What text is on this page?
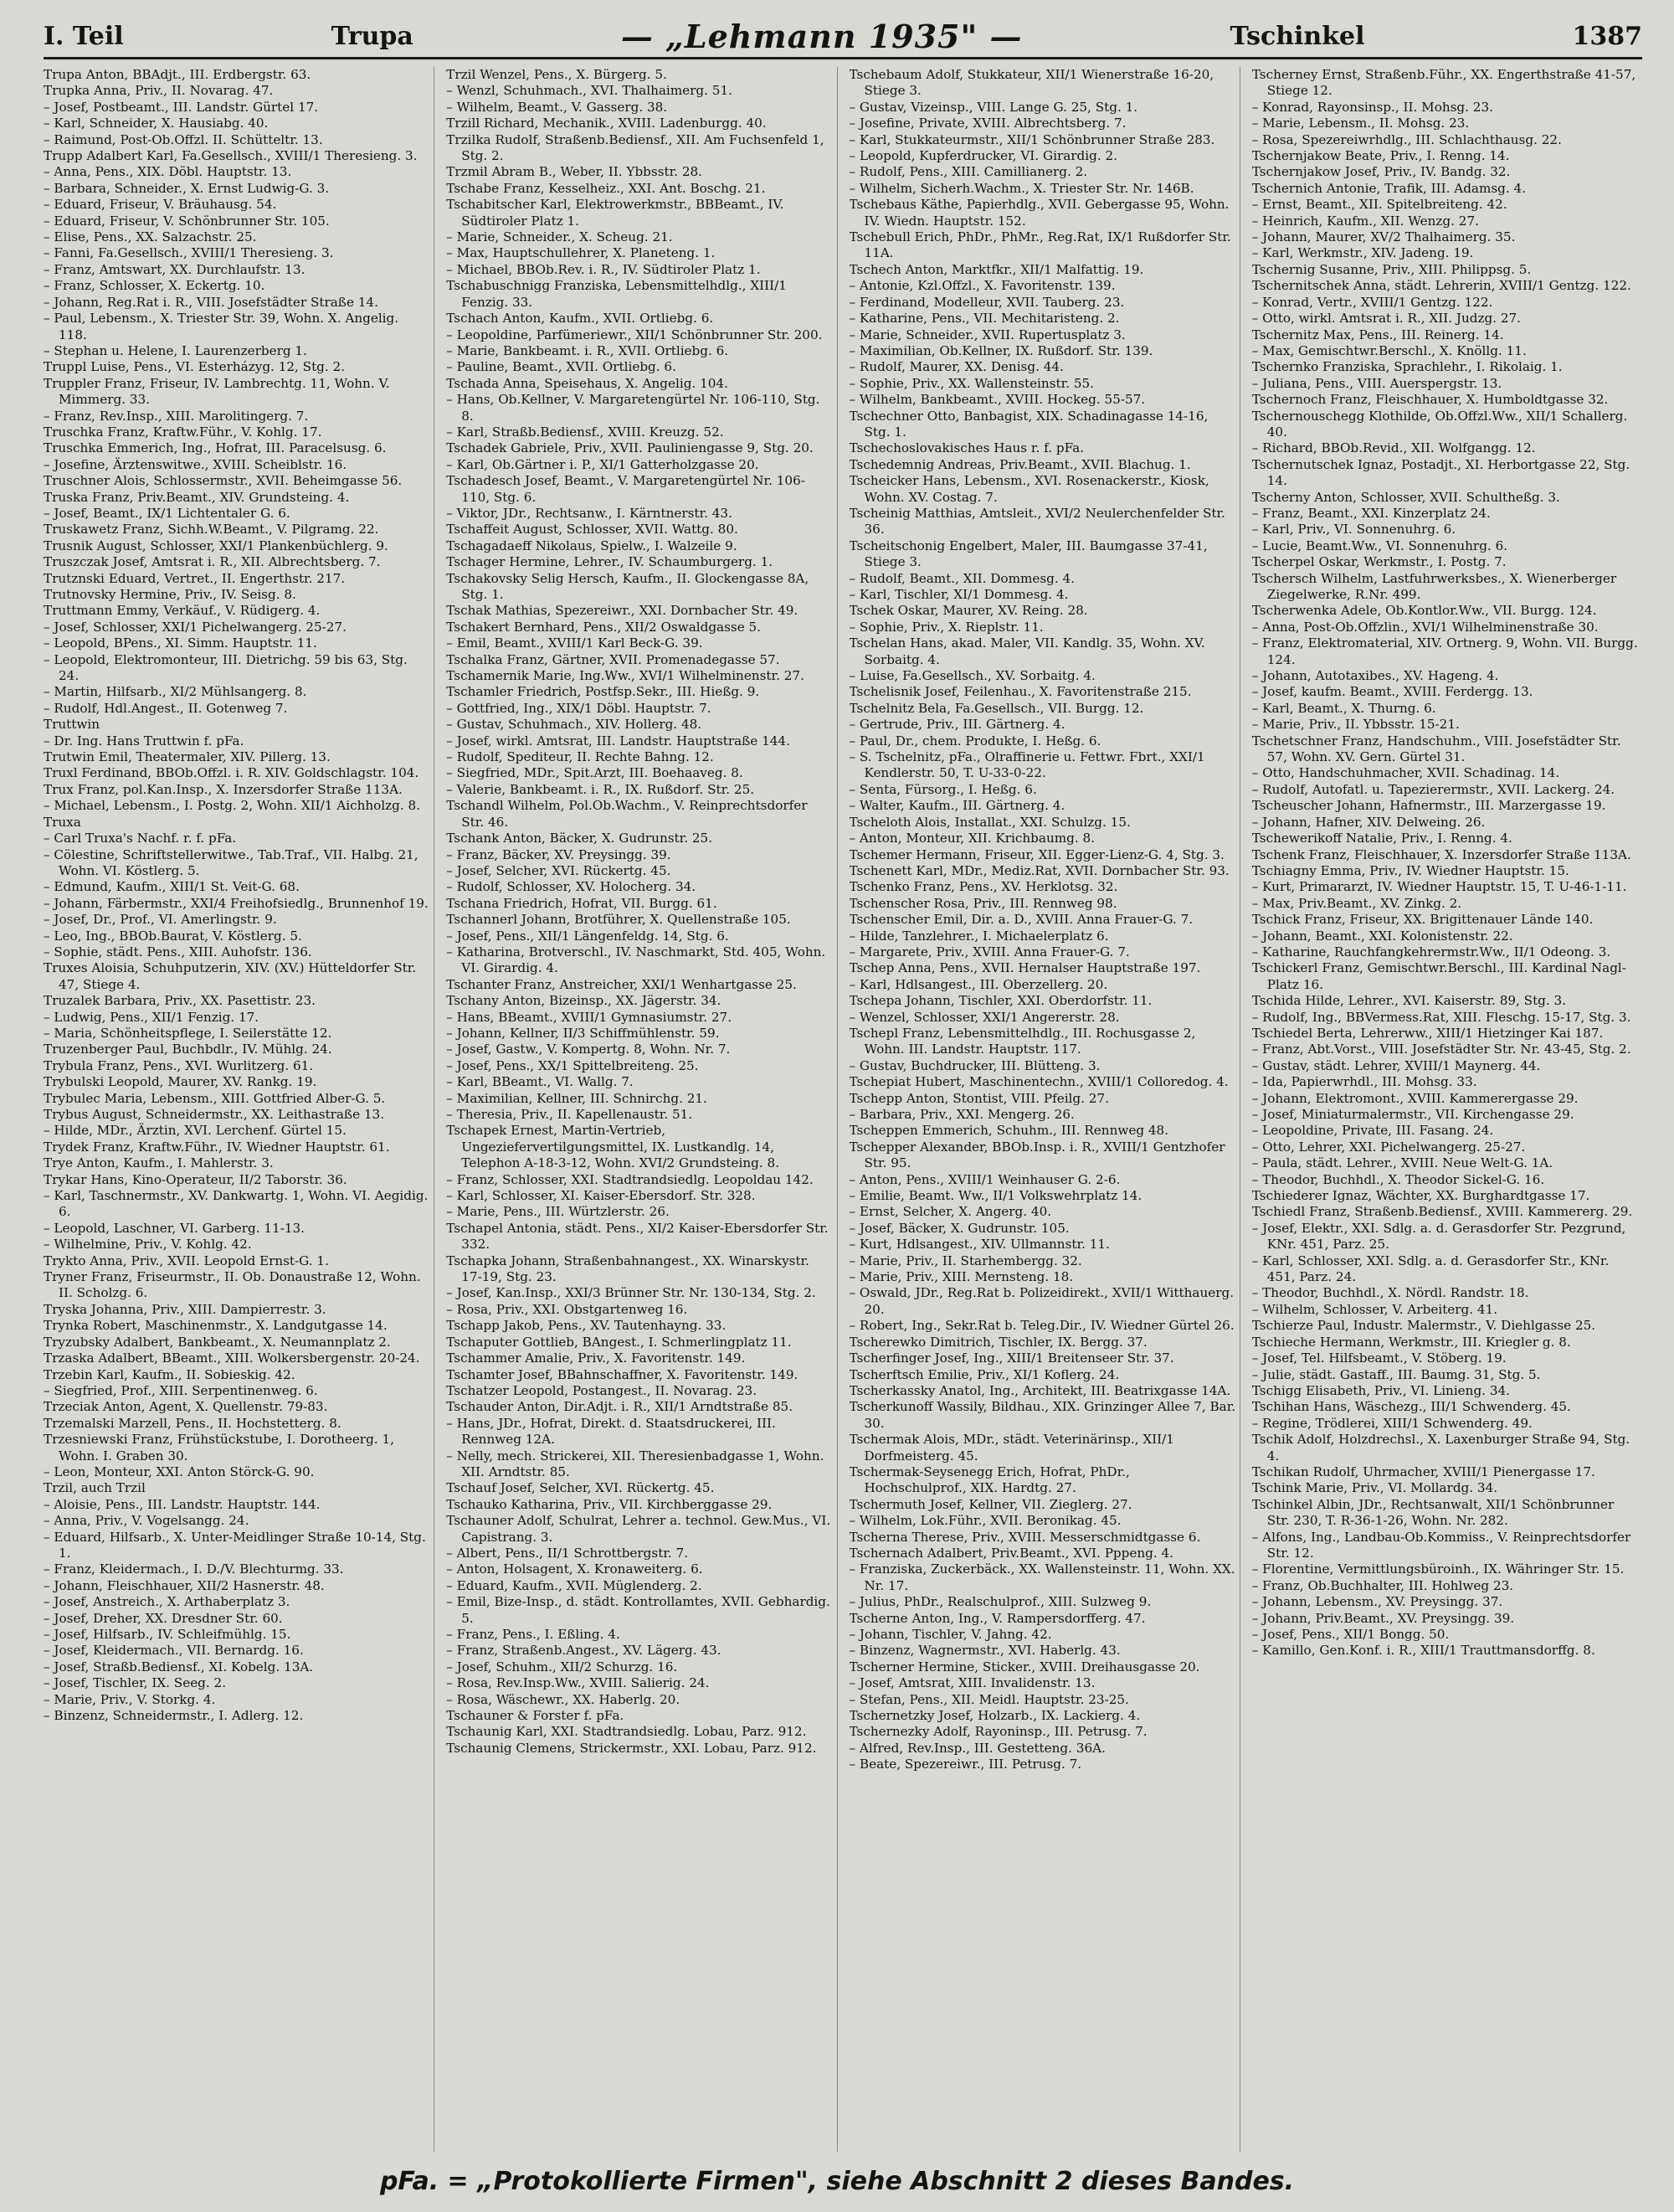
I. Teil	Trupa	— „Lehmann 1935" —	Tschinkel	1387

Trupa Anton, BBAdjt., III. Erdbergstr. 63.

Trupka Anna, Priv., II. Novarag. 47.

– Josef, Postbeamt., III. Landstr. Gürtel 17.

– Karl, Schneider, X. Hausiabg. 40.

– Raimund, Post-Ob.Offzl. II. Schütteltr. 13.

Trupp Adalbert Karl, Fa.Gesellsch., XVIII/1 Theresieng. 3.

– Anna, Pens., XIX. Döbl. Hauptstr. 13.

– Barbara, Schneider., X. Ernst Ludwig-G. 3.

– Eduard, Friseur, V. Bräuhausg. 54.

– Eduard, Friseur, V. Schönbrunner Str. 105.

– Elise, Pens., XX. Salzachstr. 25.

– Fanni, Fa.Gesellsch., XVIII/1 Theresieng. 3.

– Franz, Amtswart, XX. Durchlaufstr. 13.

– Franz, Schlosser, X. Eckertg. 10.

– Johann, Reg.Rat i. R., VIII. Josefstädter Straße 14.

– Paul, Lebensm., X. Triester Str. 39, Wohn. X. Angelig. 118.

– Stephan u. Helene, I. Laurenzerberg 1.

Truppl Luise, Pens., VI. Esterházyg. 12, Stg. 2.

Truppler Franz, Friseur, IV. Lambrechtg. 11, Wohn. V. Mimmerg. 33.

– Franz, Rev.Insp., XIII. Marolitingerg. 7.

Truschka Franz, Kraftw.Führ., V. Kohlg. 17.

Truschka Emmerich, Ing., Hofrat, III. Paracelsusg. 6.

– Josefine, Ärztenswitwe., XVIII. Scheiblstr. 16.

Truschner Alois, Schlossermstr., XVII. Beheimgasse 56.

Truska Franz, Priv.Beamt., XIV. Grundsteing. 4.

– Josef, Beamt., IX/1 Lichtentaler G. 6.

Truskawetz Franz, Sichh.W.Beamt., V. Pilgramg. 22.

Trusnik August, Schlosser, XXI/1 Plankenbüchlerg. 9.

Truszczak Josef, Amtsrat i. R., XII. Albrechtsberg. 7.

Trutznski Eduard, Vertret., II. Engerthstr. 217.

Trutnovsky Hermine, Priv., IV. Seisg. 8.

Truttmann Emmy, Verkäuf., V. Rüdigerg. 4.

– Josef, Schlosser, XXI/1 Pichelwangerg. 25-27.

– Leopold, BPens., XI. Simm. Hauptstr. 11.

– Leopold, Elektromonteur, III. Dietrichg. 59 bis 63, Stg. 24.

– Martin, Hilfsarb., XI/2 Mühlsangerg. 8.

– Rudolf, Hdl.Angest., II. Gotenweg 7.

Truttwin

– Dr. Ing. Hans Truttwin f. pFa.

Trutwin Emil, Theatermaler, XIV. Pillerg. 13.

Truxl Ferdinand, BBOb.Offzl. i. R. XIV. Goldschlagstr. 104.

Trux Franz, pol.Kan.Insp., X. Inzersdorfer Straße 113A.

– Michael, Lebensm., I. Postg. 2, Wohn. XII/1 Aichholzg. 8.

Truxa

– Carl Truxa's Nachf. r. f. pFa.

– Cölestine, Schriftstellerwitwe., Tab.Traf., VII. Halbg. 21, Wohn. VI. Köstlerg. 5.

– Edmund, Kaufm., XIII/1 St. Veit-G. 68.

– Johann, Färbermstr., XXI/4 Freihofsiedlg., Brunnenhof 19.

– Josef, Dr., Prof., VI. Amerlingstr. 9.

– Leo, Ing., BBOb.Baurat, V. Köstlerg. 5.

– Sophie, städt. Pens., XIII. Auhofstr. 136.

Truxes Aloisia, Schuhputzerin, XIV. (XV.) Hütteldorfer Str. 47, Stiege 4.

Truzalek Barbara, Priv., XX. Pasettistr. 23.

– Ludwig, Pens., XII/1 Fenzig. 17.

– Maria, Schönheitspflege, I. Seilerstätte 12.

Truzenberger Paul, Buchbdlr., IV. Mühlg. 24.

Trybula Franz, Pens., XVI. Wurlitzerg. 61.

Trybulski Leopold, Maurer, XV. Rankg. 19.

Trybulec Maria, Lebensm., XIII. Gottfried Alber-G. 5.

Trybus August, Schneidermstr., XX. Leithastraße 13.

– Hilde, MDr., Ärztin, XVI. Lerchenf. Gürtel 15.

Trydek Franz, Kraftw.Führ., IV. Wiedner Hauptstr. 61.

Trye Anton, Kaufm., I. Mahlerstr. 3.

Trykar Hans, Kino-Operateur, II/2 Taborstr. 36.

– Karl, Taschnermstr., XV. Dankwartg. 1, Wohn. VI. Aegidig. 6.

– Leopold, Laschner, VI. Garberg. 11-13.

– Wilhelmine, Priv., V. Kohlg. 42.

Trykto Anna, Priv., XVII. Leopold Ernst-G. 1.

Tryner Franz, Friseurmstr., II. Ob. Donaustraße 12, Wohn. II. Scholzg. 6.

Tryska Johanna, Priv., XIII. Dampierrestr. 3.

Trynka Robert, Maschinenmstr., X. Landgutgasse 14.

Tryzubsky Adalbert, Bankbeamt., X. Neumannplatz 2.

Trzaska Adalbert, BBeamt., XIII. Wolkersbergenstr. 20-24.

Trzebin Karl, Kaufm., II. Sobieskig. 42.

– Siegfried, Prof., XIII. Serpentinenweg. 6.

Trzeciak Anton, Agent, X. Quellenstr. 79-83.

Trzemalski Marzell, Pens., II. Hochstetterg. 8.

Trzesniewski Franz, Frühstückstube, I. Dorotheerg. 1, Wohn. I. Graben 30.

– Leon, Monteur, XXI. Anton Störck-G. 90.

Trzil, auch Trzil

– Aloisie, Pens., III. Landstr. Hauptstr. 144.

– Anna, Priv., V. Vogelsangg. 24.

– Eduard, Hilfsarb., X. Unter-Meidlinger Straße 10-14, Stg. 1.

– Franz, Kleidermach., I. D./V. Blechturmg. 33.

– Johann, Fleischhauer, XII/2 Hasnerstr. 48.

– Josef, Anstreich., X. Arthaberplatz 3.

– Josef, Dreher, XX. Dresdner Str. 60.

– Josef, Hilfsarb., IV. Schleifmühlg. 15.

– Josef, Kleidermach., VII. Bernardg. 16.

– Josef, Straßb.Bediensf., XI. Kobelg. 13A.

– Josef, Tischler, IX. Seeg. 2.

– Marie, Priv., V. Storkg. 4.

– Binzenz, Schneidermstr., I. Adlerg. 12.

Trzil Wenzel, Pens., X. Bürgerg. 5.

– Wenzl, Schuhmach., XVI. Thalhaimerg. 51.

– Wilhelm, Beamt., V. Gasserg. 38.

Trzill Richard, Mechanik., XVIII. Ladenburgg. 40.

Trzilka Rudolf, Straßenb.Bediensf., XII. Am Fuchsenfeld 1, Stg. 2.

Trzmil Abram B., Weber, II. Ybbsstr. 28.

Tschabe Franz, Kesselheiz., XXI. Ant. Boschg. 21.

Tschabitscher Karl, Elektrowerkmstr., BBBeamt., IV. Südtiroler Platz 1.

– Marie, Schneider., X. Scheug. 21.

– Max, Hauptschullehrer, X. Planeteng. 1.

– Michael, BBOb.Rev. i. R., IV. Südtiroler Platz 1.

Tschabuschnigg Franziska, Lebensmittelhdlg., XIII/1 Fenzig. 33.

Tschach Anton, Kaufm., XVII. Ortliebg. 6.

– Leopoldine, Parfümeriewr., XII/1 Schönbrunner Str. 200.

– Marie, Bankbeamt. i. R., XVII. Ortliebg. 6.

– Pauline, Beamt., XVII. Ortliebg. 6.

Tschada Anna, Speisehaus, X. Angelig. 104.

– Hans, Ob.Kellner, V. Margaretengürtel Nr. 106-110, Stg. 8.

– Karl, Straßb.Bediensf., XVIII. Kreuzg. 52.

Tschadek Gabriele, Priv., XVII. Pauliniengasse 9, Stg. 20.

– Karl, Ob.Gärtner i. P., XI/1 Gatterholzgasse 20.

Tschadesch Josef, Beamt., V. Margaretengürtel Nr. 106-110, Stg. 6.

– Viktor, JDr., Rechtsanw., I. Kärntnerstr. 43.

Tschaffeit August, Schlosser, XVII. Wattg. 80.

Tschagadaeff Nikolaus, Spielw., I. Walzeile 9.

Tschager Hermine, Lehrer., IV. Schaumburgerg. 1.

Tschakovsky Selig Hersch, Kaufm., II. Glockengasse 8A, Stg. 1.

Tschak Mathias, Spezereiwr., XXI. Dornbacher Str. 49.

Tschakert Bernhard, Pens., XII/2 Oswaldgasse 5.

– Emil, Beamt., XVIII/1 Karl Beck-G. 39.

Tschalka Franz, Gärtner, XVII. Promenadegasse 57.

Tschamernik Marie, Ing.Ww., XVI/1 Wilhelminenstr. 27.

Tschamler Friedrich, Postfsp.Sekr., III. Hießg. 9.

– Gottfried, Ing., XIX/1 Döbl. Hauptstr. 7.

– Gustav, Schuhmach., XIV. Hollerg. 48.

– Josef, wirkl. Amtsrat, III. Landstr. Hauptstraße 144.

– Rudolf, Spediteur, II. Rechte Bahng. 12.

– Siegfried, MDr., Spit.Arzt, III. Boehaaveg. 8.

– Valerie, Bankbeamt. i. R., IX. Rußdorf. Str. 25.

Tschandl Wilhelm, Pol.Ob.Wachm., V. Reinprechtsdorfer Str. 46.

Tschank Anton, Bäcker, X. Gudrunstr. 25.

– Franz, Bäcker, XV. Preysingg. 39.

– Josef, Selcher, XVI. Rückertg. 45.

– Rudolf, Schlosser, XV. Holocherg. 34.

Tschana Friedrich, Hofrat, VII. Burgg. 61.

Tschannerl Johann, Brotführer, X. Quellenstraße 105.

– Josef, Pens., XII/1 Längenfeldg. 14, Stg. 6.

– Katharina, Brotverschl., IV. Naschmarkt, Std. 405, Wohn. VI. Girardig. 4.

Tschanter Franz, Anstreicher, XXI/1 Wenhartgasse 25.

Tschany Anton, Bizeinsp., XX. Jägerstr. 34.

– Hans, BBeamt., XVIII/1 Gymnasiumstr. 27.

– Johann, Kellner, II/3 Schiffmühlenstr. 59.

– Josef, Gastw., V. Kompertg. 8, Wohn. Nr. 7.

– Josef, Pens., XX/1 Spittelbreiteng. 25.

– Karl, BBeamt., VI. Wallg. 7.

– Maximilian, Kellner, III. Schnirchg. 21.

– Theresia, Priv., II. Kapellenaustr. 51.

Tschapek Ernest, Martin-Vertrieb, Ungeziefervertilgungsmittel, IX. Lustkandlg. 14, Telephon A-18-3-12, Wohn. XVI/2 Grundsteing. 8.

– Franz, Schlosser, XXI. Stadtrandsiedlg. Leopoldau 142.

– Karl, Schlosser, XI. Kaiser-Ebersdorf. Str. 328.

– Marie, Pens., III. Würtzlerstr. 26.

Tschapel Antonia, städt. Pens., XI/2 Kaiser-Ebersdorfer Str. 332.

Tschapka Johann, Straßenbahnangest., XX. Winarskystr. 17-19, Stg. 23.

– Josef, Kan.Insp., XXI/3 Brünner Str. Nr. 130-134, Stg. 2.

– Rosa, Priv., XXI. Obstgartenweg 16.

Tschapp Jakob, Pens., XV. Tautenhayng. 33.

Tschaputer Gottlieb, BAngest., I. Schmerlingplatz 11.

Tschammer Amalie, Priv., X. Favoritenstr. 149.

Tschamter Josef, BBahnschaffner, X. Favoritenstr. 149.

Tschatzer Leopold, Postangest., II. Novarag. 23.

Tschauder Anton, Dir.Adjt. i. R., XII/1 Arndtstraße 85.

– Hans, JDr., Hofrat, Direkt. d. Staatsdruckerei, III. Rennweg 12A.

– Nelly, mech. Strickerei, XII. Theresienbadgasse 1, Wohn. XII. Arndtstr. 85.

Tschauf Josef, Selcher, XVI. Rückertg. 45.

Tschauko Katharina, Priv., VII. Kirchberggasse 29.

Tschauner Adolf, Schulrat, Lehrer a. technol. Gew.Mus., VI. Capistrang. 3.

– Albert, Pens., II/1 Schrottbergstr. 7.

– Anton, Holsagent, X. Kronaweiterg. 6.

– Eduard, Kaufm., XVII. Müglenderg. 2.

– Emil, Bize-Insp., d. städt. Kontrollamtes, XVII. Gebhardig. 5.

– Franz, Pens., I. Eßling. 4.

– Franz, Straßenb.Angest., XV. Lägerg. 43.

– Josef, Schuhm., XII/2 Schurzg. 16.

– Rosa, Rev.Insp.Ww., XVIII. Salierig. 24.

– Rosa, Wäschewr., XX. Haberlg. 20.

Tschauner & Forster f. pFa.

Tschaunig Karl, XXI. Stadtrandsiedlg. Lobau, Parz. 912.

Tschaunig Clemens, Strickermstr., XXI. Lobau, Parz. 912.

Tschebaum Adolf, Stukkateur, XII/1 Wienerstraße 16-20, Stiege 3.

– Gustav, Vizeinsp., VIII. Lange G. 25, Stg. 1.

– Josefine, Private, XVIII. Albrechtsberg. 7.

– Karl, Stukkateurmstr., XII/1 Schönbrunner Straße 283.

– Leopold, Kupferdrucker, VI. Girardig. 2.

– Rudolf, Pens., XIII. Camillianerg. 2.

– Wilhelm, Sicherh.Wachm., X. Triester Str. Nr. 146B.

Tschebaus Käthe, Papierhdlg., XVII. Gebergasse 95, Wohn. IV. Wiedn. Hauptstr. 152.

Tschebull Erich, PhDr., PhMr., Reg.Rat, IX/1 Rußdorfer Str. 11A.

Tschech Anton, Marktfkr., XII/1 Malfattig. 19.

– Antonie, Kzl.Offzl., X. Favoritenstr. 139.

– Ferdinand, Modelleur, XVII. Tauberg. 23.

– Katharine, Pens., VII. Mechitaristeng. 2.

– Marie, Schneider., XVII. Rupertusplatz 3.

– Maximilian, Ob.Kellner, IX. Rußdorf. Str. 139.

– Rudolf, Maurer, XX. Denisg. 44.

– Sophie, Priv., XX. Wallensteinstr. 55.

– Wilhelm, Bankbeamt., XVIII. Hockeg. 55-57.

Tschechner Otto, Banbagist, XIX. Schadinagasse 14-16, Stg. 1.

Tschechoslovakisches Haus r. f. pFa.

Tschedemnig Andreas, Priv.Beamt., XVII. Blachug. 1.

Tscheicker Hans, Lebensm., XVI. Rosenackerstr., Kiosk, Wohn. XV. Costag. 7.

Tscheinig Matthias, Amtsleit., XVI/2 Neulerchenfelder Str. 36.

Tscheitschonig Engelbert, Maler, III. Baumgasse 37-41, Stiege 3.

– Rudolf, Beamt., XII. Dommesg. 4.

– Karl, Tischler, XI/1 Dommesg. 4.

Tschek Oskar, Maurer, XV. Reing. 28.

– Sophie, Priv., X. Rieplstr. 11.

Tschelan Hans, akad. Maler, VII. Kandlg. 35, Wohn. XV. Sorbaitg. 4.

– Luise, Fa.Gesellsch., XV. Sorbaitg. 4.

Tschelisnik Josef, Feilenhau., X. Favoritenstraße 215.

Tschelnitz Bela, Fa.Gesellsch., VII. Burgg. 12.

– Gertrude, Priv., III. Gärtnerg. 4.

– Paul, Dr., chem. Produkte, I. Heßg. 6.

– S. Tschelnitz, pFa., Olraffinerie u. Fettwr. Fbrt., XXI/1 Kendlerstr. 50, T. U-33-0-22.

– Senta, Fürsorg., I. Heßg. 6.

– Walter, Kaufm., III. Gärtnerg. 4.

Tscheloth Alois, Installat., XXI. Schulzg. 15.

– Anton, Monteur, XII. Krichbaumg. 8.

Tschemer Hermann, Friseur, XII. Egger-Lienz-G. 4, Stg. 3.

Tschenett Karl, MDr., Mediz.Rat, XVII. Dornbacher Str. 93.

Tschenko Franz, Pens., XV. Herklotsg. 32.

Tschenscher Rosa, Priv., III. Rennweg 98.

Tschenscher Emil, Dir. a. D., XVIII. Anna Frauer-G. 7.

– Hilde, Tanzlehrer., I. Michaelerplatz 6.

– Margarete, Priv., XVIII. Anna Frauer-G. 7.

Tschep Anna, Pens., XVII. Hernalser Hauptstraße 197.

– Karl, Hdlsangest., III. Oberzellerg. 20.

Tschepa Johann, Tischler, XXI. Oberdorfstr. 11.

– Wenzel, Schlosser, XXI/1 Angererstr. 28.

Tschepl Franz, Lebensmittelhdlg., III. Rochusgasse 2, Wohn. III. Landstr. Hauptstr. 117.

– Gustav, Buchdrucker, III. Blütteng. 3.

Tschepiat Hubert, Maschinentechn., XVIII/1 Colloredog. 4.

Tschepp Anton, Stontist, VIII. Pfeilg. 27.

– Barbara, Priv., XXI. Mengerg. 26.

Tscheppen Emmerich, Schuhm., III. Rennweg 48.

Tschepper Alexander, BBOb.Insp. i. R., XVIII/1 Gentzhofer Str. 95.

– Anton, Pens., XVIII/1 Weinhauser G. 2-6.

– Emilie, Beamt. Ww., II/1 Volkswehrplatz 14.

– Ernst, Selcher, X. Angerg. 40.

– Josef, Bäcker, X. Gudrunstr. 105.

– Kurt, Hdlsangest., XIV. Ullmannstr. 11.

– Marie, Priv., II. Starhembergg. 32.

– Marie, Priv., XIII. Mernsteng. 18.

– Oswald, JDr., Reg.Rat b. Polizeidirekt., XVII/1 Witthauerg. 20.

– Robert, Ing., Sekr.Rat b. Teleg.Dir., IV. Wiedner Gürtel 26.

Tscherewko Dimitrich, Tischler, IX. Bergg. 37.

Tscherfinger Josef, Ing., XIII/1 Breitenseer Str. 37.

Tscherftsch Emilie, Priv., XI/1 Koflerg. 24.

Tscherkassky Anatol, Ing., Architekt, III. Beatrixgasse 14A.

Tscherkunoff Wassily, Bildhau., XIX. Grinzinger Allee 7, Bar. 30.

Tschermak Alois, MDr., städt. Veterinärinsp., XII/1 Dorfmeisterg. 45.

Tschermak-Seysenegg Erich, Hofrat, PhDr., Hochschulprof., XIX. Hardtg. 27.

Tschermuth Josef, Kellner, VII. Zieglerg. 27.

– Wilhelm, Lok.Führ., XVII. Beronikag. 45.

Tscherna Therese, Priv., XVIII. Messerschmidtgasse 6.

Tschernach Adalbert, Priv.Beamt., XVI. Pppeng. 4.

– Franziska, Zuckerbäck., XX. Wallensteinstr. 11, Wohn. XX. Nr. 17.

– Julius, PhDr., Realschulprof., XIII. Sulzweg 9.

Tscherne Anton, Ing., V. Rampersdorfferg. 47.

– Johann, Tischler, V. Jahng. 42.

– Binzenz, Wagnermstr., XVI. Haberlg. 43.

Tscherner Hermine, Sticker., XVIII. Dreihausgasse 20.

– Josef, Amtsrat, XIII. Invalidenstr. 13.

– Stefan, Pens., XII. Meidl. Hauptstr. 23-25.

Tschernetzky Josef, Holzarb., IX. Lackierg. 4.

Tschernezky Adolf, Rayoninsp., III. Petrusg. 7.

– Alfred, Rev.Insp., III. Gestetteng. 36A.

– Beate, Spezereiwr., III. Petrusg. 7.

Tscherney Ernst, Straßenb.Führ., XX. Engerthstraße 41-57, Stiege 12.

– Konrad, Rayonsinsp., II. Mohsg. 23.

– Marie, Lebensm., II. Mohsg. 23.

– Rosa, Spezereiwrhdlg., III. Schlachthausg. 22.

Tschernjakow Beate, Priv., I. Renng. 14.

Tschernjakow Josef, Priv., IV. Bandg. 32.

Tschernich Antonie, Trafik, III. Adamsg. 4.

– Ernst, Beamt., XII. Spitelbreiteng. 42.

– Heinrich, Kaufm., XII. Wenzg. 27.

– Johann, Maurer, XV/2 Thalhaimerg. 35.

– Karl, Werkmstr., XIV. Jadeng. 19.

Tschernig Susanne, Priv., XIII. Philippsg. 5.

Tschernitschek Anna, städt. Lehrerin, XVIII/1 Gentzg. 122.

– Konrad, Vertr., XVIII/1 Gentzg. 122.

– Otto, wirkl. Amtsrat i. R., XII. Judzg. 27.

Tschernitz Max, Pens., III. Reinerg. 14.

– Max, Gemischtwr.Berschl., X. Knöllg. 11.

Tschernko Franziska, Sprachlehr., I. Rikolaig. 1.

– Juliana, Pens., VIII. Auerspergstr. 13.

Tschernoch Franz, Fleischhauer, X. Humboldtgasse 32.

Tschernouschegg Klothilde, Ob.Offzl.Ww., XII/1 Schallerg. 40.

– Richard, BBOb.Revid., XII. Wolfgangg. 12.

Tschernutschek Ignaz, Postadjt., XI. Herbortgasse 22, Stg. 14.

Tscherny Anton, Schlosser, XVII. Schultheßg. 3.

– Franz, Beamt., XXI. Kinzerplatz 24.

– Karl, Priv., VI. Sonnenuhrg. 6.

– Lucie, Beamt.Ww., VI. Sonnenuhrg. 6.

Tscherpel Oskar, Werkmstr., I. Postg. 7.

Tschersch Wilhelm, Lastfuhrwerksbes., X. Wienerberger Ziegelwerke, R.Nr. 499.

Tscherwenka Adele, Ob.Kontlor.Ww., VII. Burgg. 124.

– Anna, Post-Ob.Offzlin., XVI/1 Wilhelminenstraße 30.

– Franz, Elektromaterial, XIV. Ortnerg. 9, Wohn. VII. Burgg. 124.

– Johann, Autotaxibes., XV. Hageng. 4.

– Josef, kaufm. Beamt., XVIII. Ferdergg. 13.

– Karl, Beamt., X. Thurng. 6.

– Marie, Priv., II. Ybbsstr. 15-21.

Tschetschner Franz, Handschuhm., VIII. Josefstädter Str. 57, Wohn. XV. Gern. Gürtel 31.

– Otto, Handschuhmacher, XVII. Schadinag. 14.

– Rudolf, Autofatl. u. Tapezierermstr., XVII. Lackerg. 24.

Tscheuscher Johann, Hafnermstr., III. Marzergasse 19.

– Johann, Hafner, XIV. Delweing. 26.

Tschewerikoff Natalie, Priv., I. Renng. 4.

Tschenk Franz, Fleischhauer, X. Inzersdorfer Straße 113A.

Tschiagny Emma, Priv., IV. Wiedner Hauptstr. 15.

– Kurt, Primararzt, IV. Wiedner Hauptstr. 15, T. U-46-1-11.

– Max, Priv.Beamt., XV. Zinkg. 2.

Tschick Franz, Friseur, XX. Brigittenauer Lände 140.

– Johann, Beamt., XXI. Kolonistenstr. 22.

– Katharine, Rauchfangkehrermstr.Ww., II/1 Odeong. 3.

Tschickerl Franz, Gemischtwr.Berschl., III. Kardinal Nagl-Platz 16.

Tschida Hilde, Lehrer., XVI. Kaiserstr. 89, Stg. 3.

– Rudolf, Ing., BBVermess.Rat, XIII. Fleschg. 15-17, Stg. 3.

Tschiedel Berta, Lehrerww., XIII/1 Hietzinger Kai 187.

– Franz, Abt.Vorst., VIII. Josefstädter Str. Nr. 43-45, Stg. 2.

– Gustav, städt. Lehrer, XVIII/1 Maynerg. 44.

– Ida, Papierwrhdl., III. Mohsg. 33.

– Johann, Elektromont., XVIII. Kammerergasse 29.

– Josef, Miniaturmalermstr., VII. Kirchengasse 29.

– Leopoldine, Private, III. Fasang. 24.

– Otto, Lehrer, XXI. Pichelwangerg. 25-27.

– Paula, städt. Lehrer., XVIII. Neue Welt-G. 1A.

– Theodor, Buchhdl., X. Theodor Sickel-G. 16.

Tschiederer Ignaz, Wächter, XX. Burghardtgasse 17.

Tschiedl Franz, Straßenb.Bediensf., XVIII. Kammererg. 29.

– Josef, Elektr., XXI. Sdlg. a. d. Gerasdorfer Str. Pezgrund, KNr. 451, Parz. 25.

– Karl, Schlosser, XXI. Sdlg. a. d. Gerasdorfer Str., KNr. 451, Parz. 24.

– Theodor, Buchhdl., X. Nördl. Randstr. 18.

– Wilhelm, Schlosser, V. Arbeiterg. 41.

Tschierze Paul, Industr. Malermstr., V. Diehlgasse 25.

Tschieche Hermann, Werkmstr., III. Kriegler g. 8.

– Josef, Tel. Hilfsbeamt., V. Stöberg. 19.

– Julie, städt. Gastaff., III. Baumg. 31, Stg. 5.

Tschigg Elisabeth, Priv., VI. Linieng. 34.

Tschihan Hans, Wäschezg., III/1 Schwenderg. 45.

– Regine, Trödlerei, XIII/1 Schwenderg. 49.

Tschik Adolf, Holzdrechsl., X. Laxenburger Straße 94, Stg. 4.

Tschikan Rudolf, Uhrmacher, XVIII/1 Pienergasse 17.

Tschink Marie, Priv., VI. Mollardg. 34.

Tschinkel Albin, JDr., Rechtsanwalt, XII/1 Schönbrunner Str. 230, T. R-36-1-26, Wohn. Nr. 282.

– Alfons, Ing., Landbau-Ob.Kommiss., V. Reinprechtsdorfer Str. 12.

– Florentine, Vermittlungsbüroinh., IX. Währinger Str. 15.

– Franz, Ob.Buchhalter, III. Hohlweg 23.

– Johann, Lebensm., XV. Preysingg. 37.

– Johann, Priv.Beamt., XV. Preysingg. 39.

– Josef, Pens., XII/1 Bongg. 50.

– Kamillo, Gen.Konf. i. R., XIII/1 Trauttmansdorffg. 8.

pFa. = „Protokollierte Firmen", siehe Abschnitt 2 dieses Bandes.
